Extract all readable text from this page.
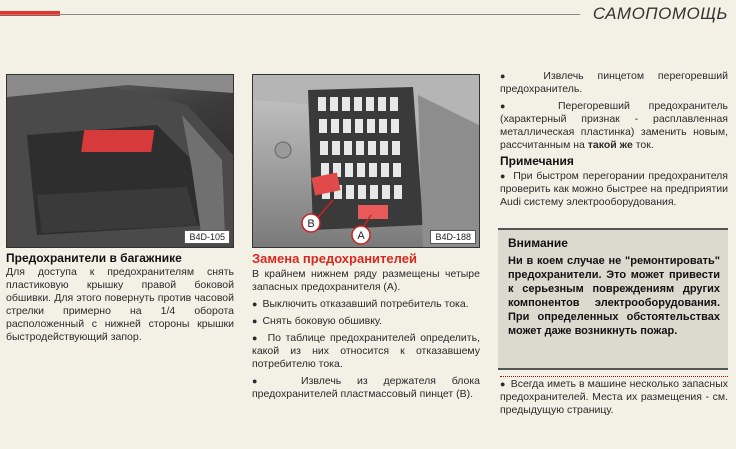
САМОПОМОЩЬ
B4D-105
B
A	B4D-188
Предохранители в багажнике

Для доступа к предохранителям снять пластиковую крышку правой боковой обшивки. Для этого повернуть против часовой стрелки примерно на 1/4 оборота расположенный с нижней стороны крышки быстродействующий запор.

Замена предохранителей

В крайнем нижнем ряду размещены четыре запасных предохранителя (А).

●  Выключить отказавший потребитель тока.

●  Снять боковую обшивку.

●  По таблице предохранителей определить, какой из них относится к отказавшему потребителю тока.

●  Извлечь из держателя блока предохранителей пластмассовый пинцет (В).

●  Извлечь пинцетом перегоревший предохранитель.

●  Перегоревший предохранитель (характерный признак - расплавленная металлическая пластинка) заменить новым, рассчитанным на такой же ток.

Примечания

●  При быстром перегорании предохранителя проверить как можно быстрее на предприятии Audi систему электрооборудования.

Внимание
Ни в коем случае не "ремонтировать" предохранители. Это может привести к серьезным повреждениям других компонентов электрооборудования. При определенных обстоятельствах может даже возникнуть пожар.

●  Всегда иметь в машине несколько запасных предохранителей. Места их размещения - см. предыдущую страницу.
